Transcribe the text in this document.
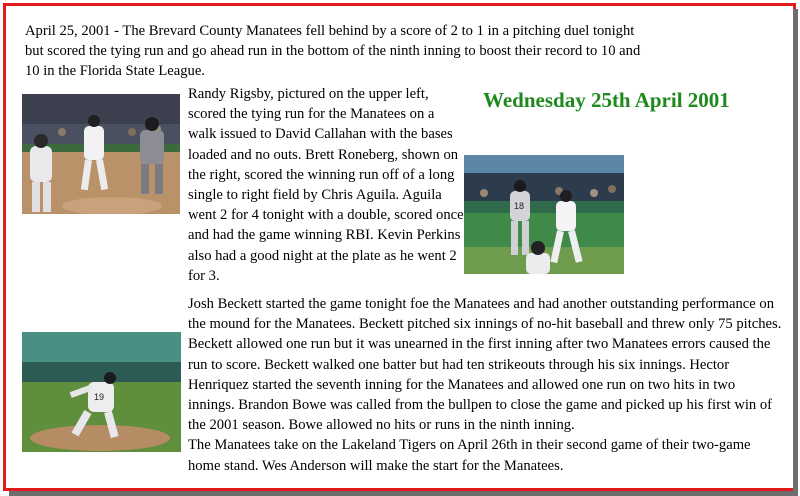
April 25, 2001 - The Brevard County Manatees fell behind by a score of 2 to 1 in a pitching duel tonight but scored the tying run and go ahead run in the bottom of the ninth inning to boost their record to 10 and 10 in the Florida State League.

Wednesday 25th April 2001

Randy Rigsby, pictured on the upper left, scored the tying run for the Manatees on a walk issued to David Callahan with the bases loaded and no outs. Brett Roneberg, shown on the right, scored the winning run off of a long single to right field by Chris Aguila. Aguila went 2 for 4 tonight with a double, scored once and had the game winning RBI. Kevin Perkins also had a good night at the plate as he went 2 for 3.

18
19

Josh Beckett started the game tonight foe the Manatees and had another outstanding performance on the mound for the Manatees. Beckett pitched six innings of no-hit baseball and threw only 75 pitches. Beckett allowed one run but it was unearned in the first inning after two Manatees errors caused the run to score. Beckett walked one batter but had ten strikeouts through his six innings. Hector Henriquez started the seventh inning for the Manatees and allowed one run on two hits in two innings. Brandon Bowe was called from the bullpen to close the game and picked up his first win of the 2001 season. Bowe allowed no hits or runs in the ninth inning.
The Manatees take on the Lakeland Tigers on April 26th in their second game of their two-game home stand. Wes Anderson will make the start for the Manatees.
